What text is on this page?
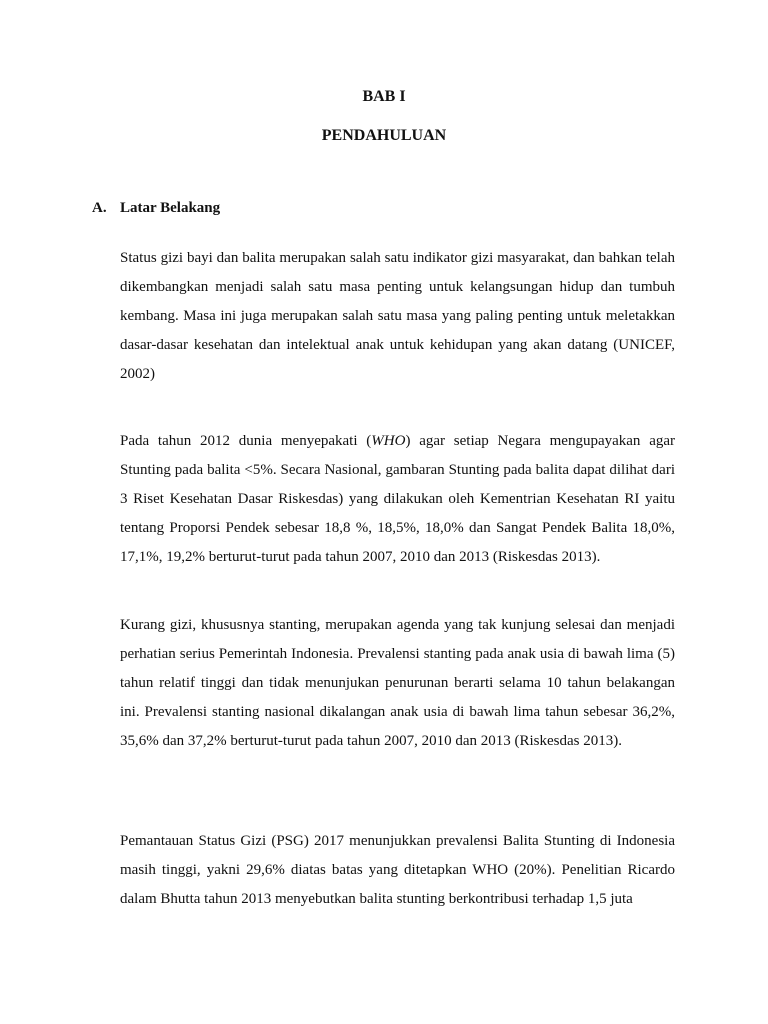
BAB I
PENDAHULUAN
A. Latar Belakang

Status gizi bayi dan balita merupakan salah satu indikator gizi masyarakat, dan bahkan telah dikembangkan menjadi salah satu masa penting untuk kelangsungan hidup dan tumbuh kembang. Masa ini juga merupakan salah satu masa yang paling penting untuk meletakkan dasar-dasar kesehatan dan intelektual anak untuk kehidupan yang akan datang (UNICEF, 2002)

Pada tahun 2012 dunia menyepakati (WHO) agar setiap Negara mengupayakan agar Stunting pada balita <5%. Secara Nasional, gambaran Stunting pada balita dapat dilihat dari 3 Riset Kesehatan Dasar Riskesdas) yang dilakukan oleh Kementrian Kesehatan RI yaitu tentang Proporsi Pendek sebesar 18,8 %, 18,5%, 18,0% dan Sangat Pendek Balita 18,0%, 17,1%, 19,2% berturut-turut pada tahun 2007, 2010 dan 2013 (Riskesdas 2013).

Kurang gizi, khususnya stanting, merupakan agenda yang tak kunjung selesai dan menjadi perhatian serius Pemerintah Indonesia. Prevalensi stanting pada anak usia di bawah lima (5) tahun relatif tinggi dan tidak menunjukan penurunan berarti selama 10 tahun belakangan ini. Prevalensi stanting nasional dikalangan anak usia di bawah lima tahun sebesar 36,2%, 35,6% dan 37,2% berturut-turut pada tahun 2007, 2010 dan 2013 (Riskesdas 2013).

Pemantauan Status Gizi (PSG) 2017 menunjukkan prevalensi Balita Stunting di Indonesia masih tinggi, yakni 29,6% diatas batas yang ditetapkan WHO (20%). Penelitian Ricardo dalam Bhutta tahun 2013 menyebutkan balita stunting berkontribusi terhadap 1,5 juta
